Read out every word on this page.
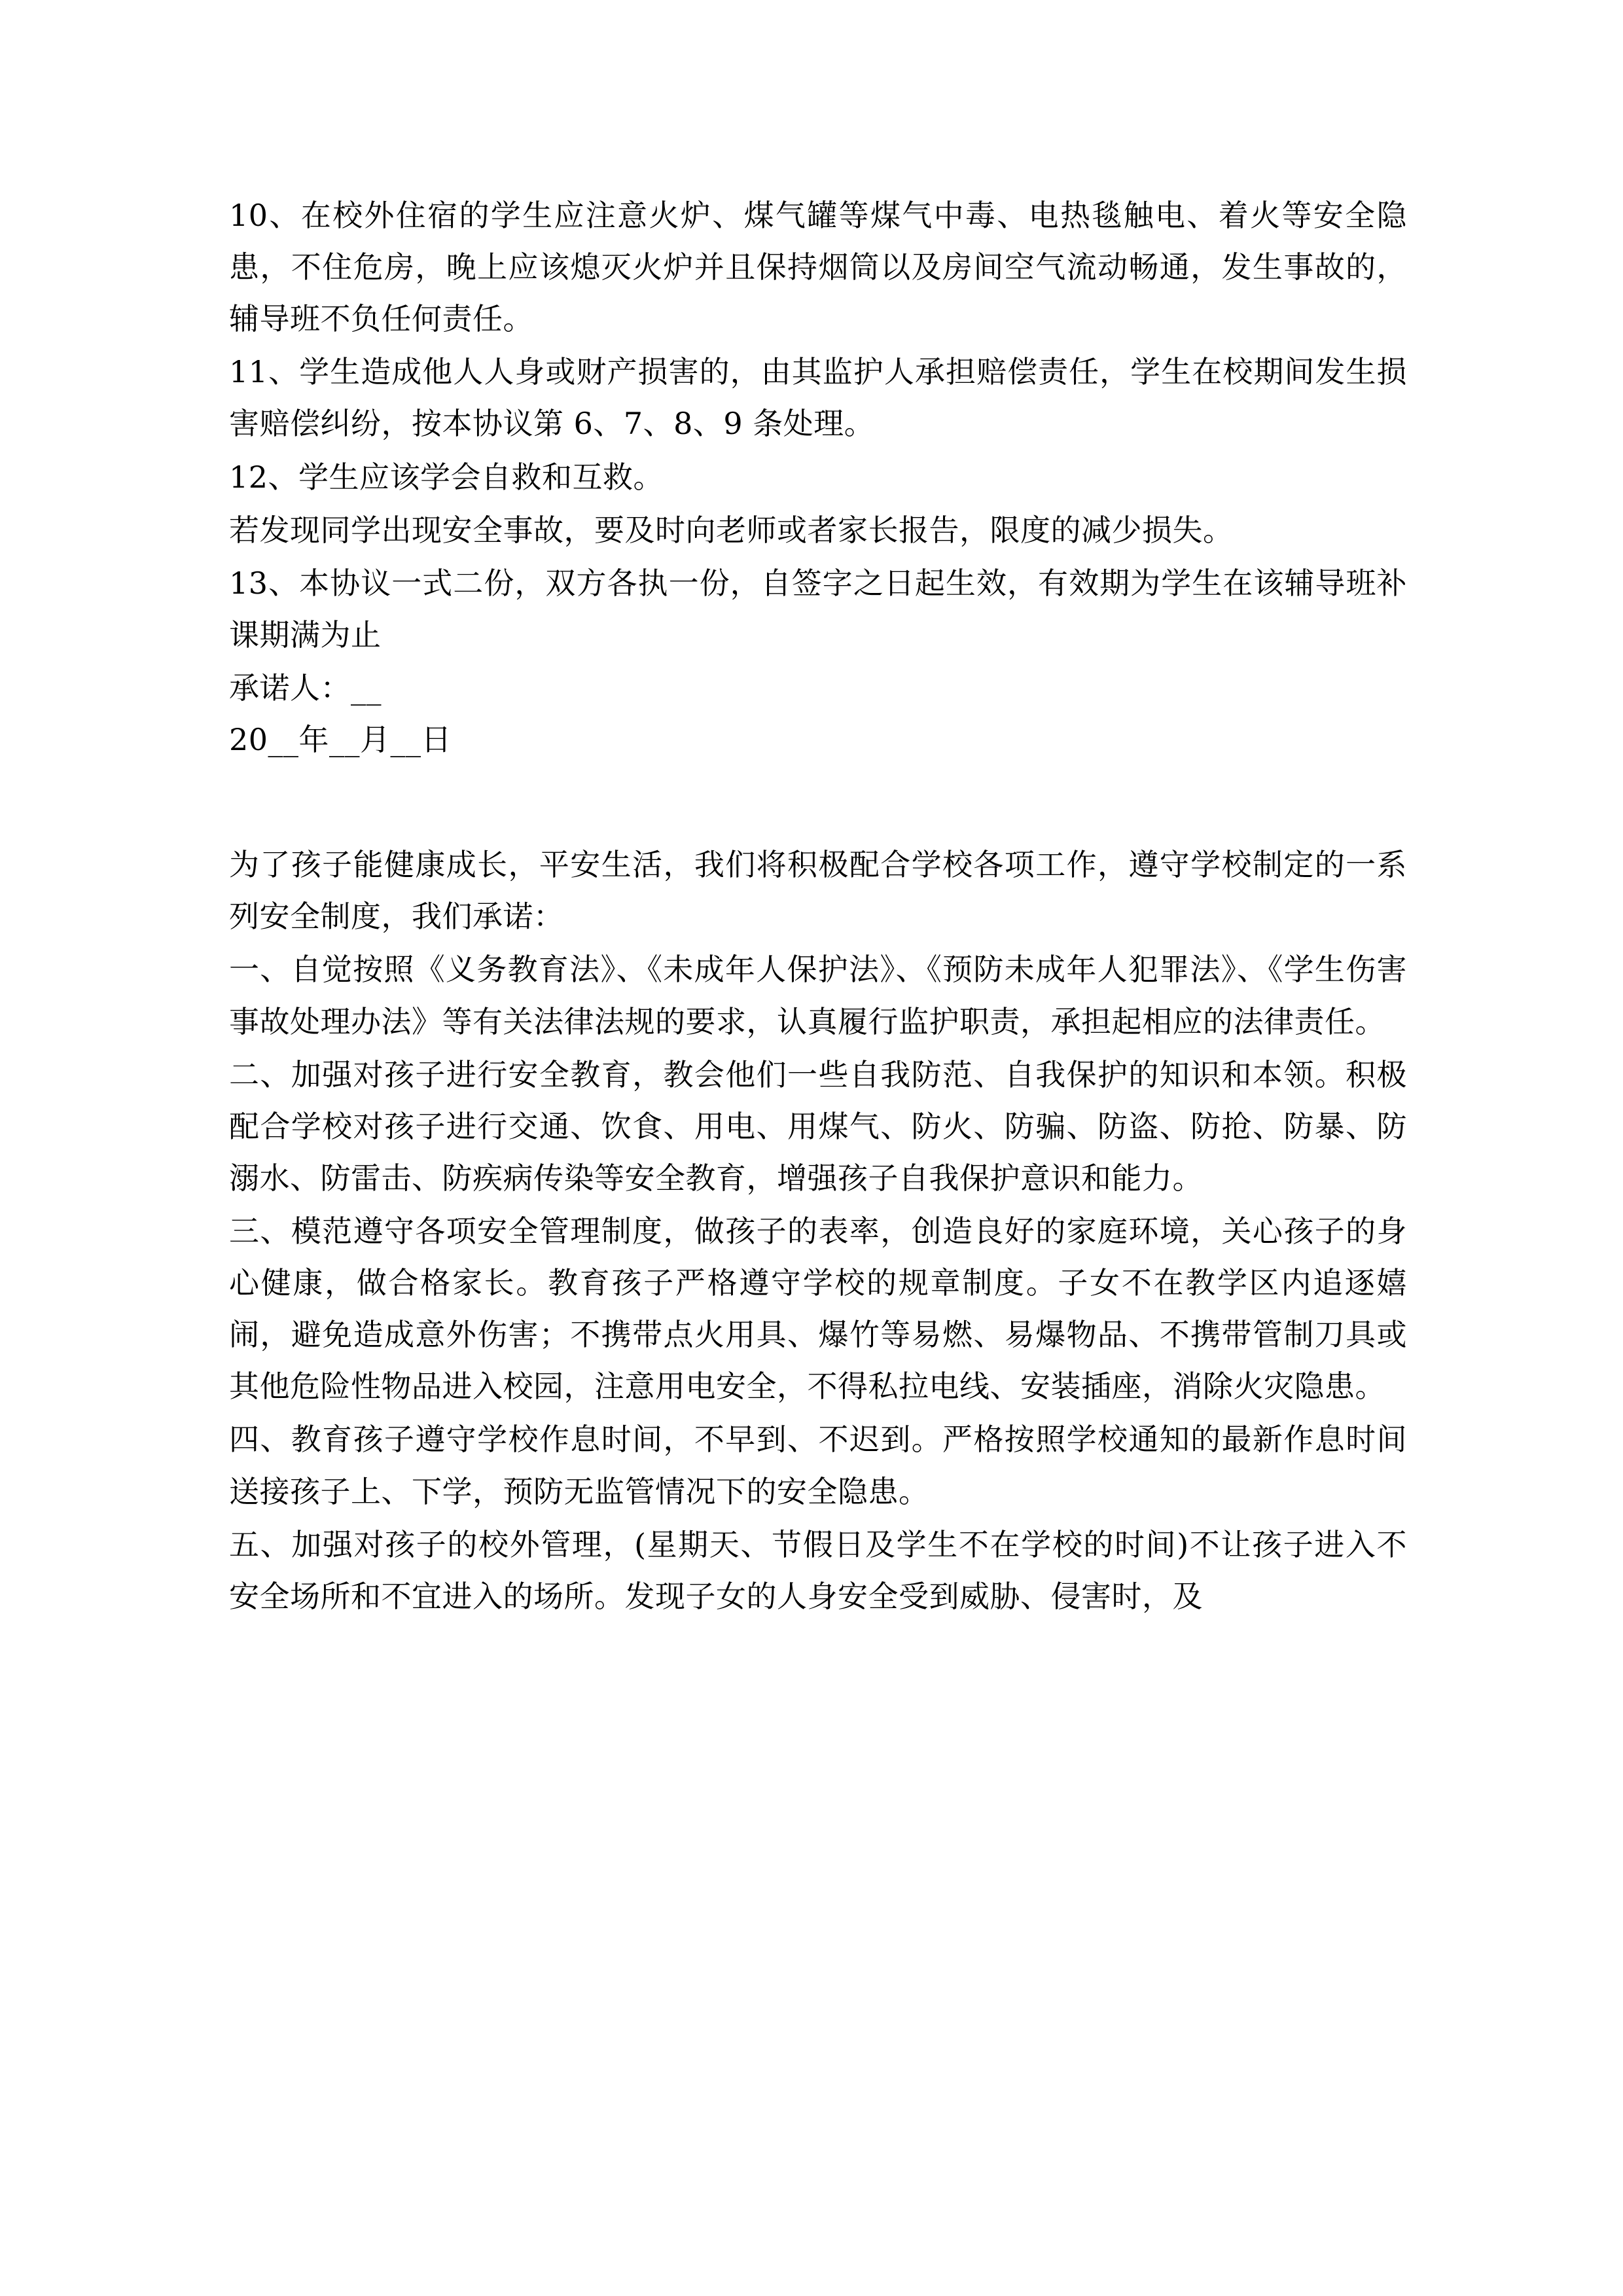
10、在校外住宿的学生应注意火炉、煤气罐等煤气中毒、电热毯触电、着火等安全隐患，不住危房，晚上应该熄灭火炉并且保持烟筒以及房间空气流动畅通，发生事故的，辅导班不负任何责任。

11、学生造成他人人身或财产损害的，由其监护人承担赔偿责任，学生在校期间发生损害赔偿纠纷，按本协议第 6、7、8、9 条处理。

12、学生应该学会自救和互救。

若发现同学出现安全事故，要及时向老师或者家长报告，限度的减少损失。

13、本协议一式二份，双方各执一份，自签字之日起生效，有效期为学生在该辅导班补课期满为止

承诺人：__

20__年__月__日

为了孩子能健康成长，平安生活，我们将积极配合学校各项工作，遵守学校制定的一系列安全制度，我们承诺：

一、自觉按照《义务教育法》、《未成年人保护法》、《预防未成年人犯罪法》、《学生伤害事故处理办法》等有关法律法规的要求，认真履行监护职责，承担起相应的法律责任。

二、加强对孩子进行安全教育，教会他们一些自我防范、自我保护的知识和本领。积极配合学校对孩子进行交通、饮食、用电、用煤气、防火、防骗、防盗、防抢、防暴、防溺水、防雷击、防疾病传染等安全教育，增强孩子自我保护意识和能力。

三、模范遵守各项安全管理制度，做孩子的表率，创造良好的家庭环境，关心孩子的身心健康，做合格家长。教育孩子严格遵守学校的规章制度。子女不在教学区内追逐嬉闹，避免造成意外伤害；不携带点火用具、爆竹等易燃、易爆物品、不携带管制刀具或其他危险性物品进入校园，注意用电安全，不得私拉电线、安装插座，消除火灾隐患。

四、教育孩子遵守学校作息时间，不早到、不迟到。严格按照学校通知的最新作息时间送接孩子上、下学，预防无监管情况下的安全隐患。

五、加强对孩子的校外管理，(星期天、节假日及学生不在学校的时间)不让孩子进入不安全场所和不宜进入的场所。发现子女的人身安全受到威胁、侵害时，及
